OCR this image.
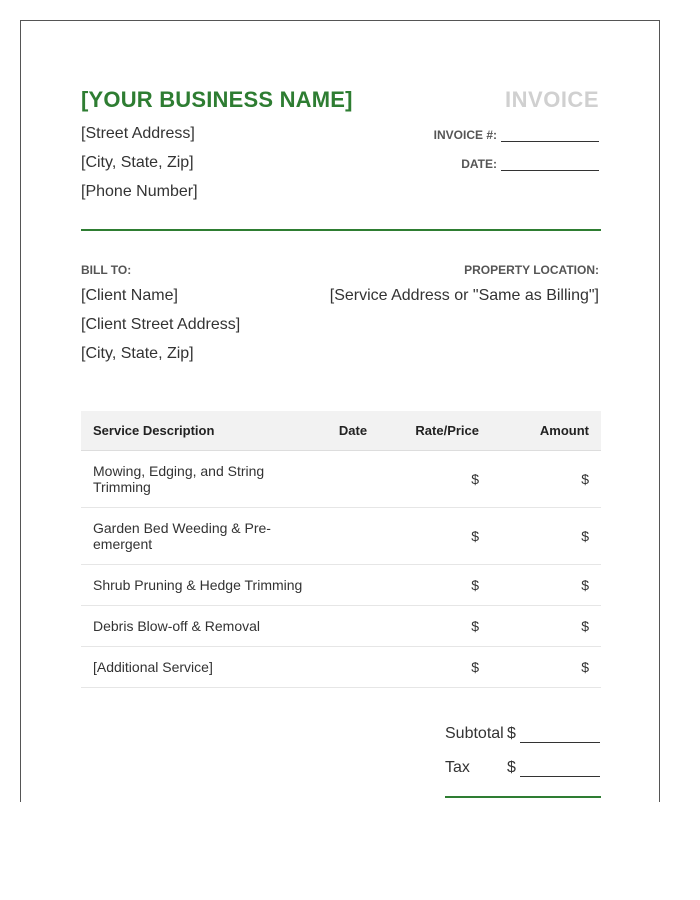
[YOUR BUSINESS NAME]	INVOICE
[Street Address]
[City, State, Zip]
[Phone Number]
INVOICE #:
DATE:
BILL TO:	PROPERTY LOCATION:
[Client Name]
[Client Street Address]
[City, State, Zip]
[Service Address or "Same as Billing"]
Service Description	Date	Rate/Price	Amount
Mowing, Edging, and String Trimming		$	$
Garden Bed Weeding & Pre-emergent		$	$
Shrub Pruning & Hedge Trimming		$	$
Debris Blow-off & Removal		$	$
[Additional Service]		$	$
Subtotal $
Tax	$
